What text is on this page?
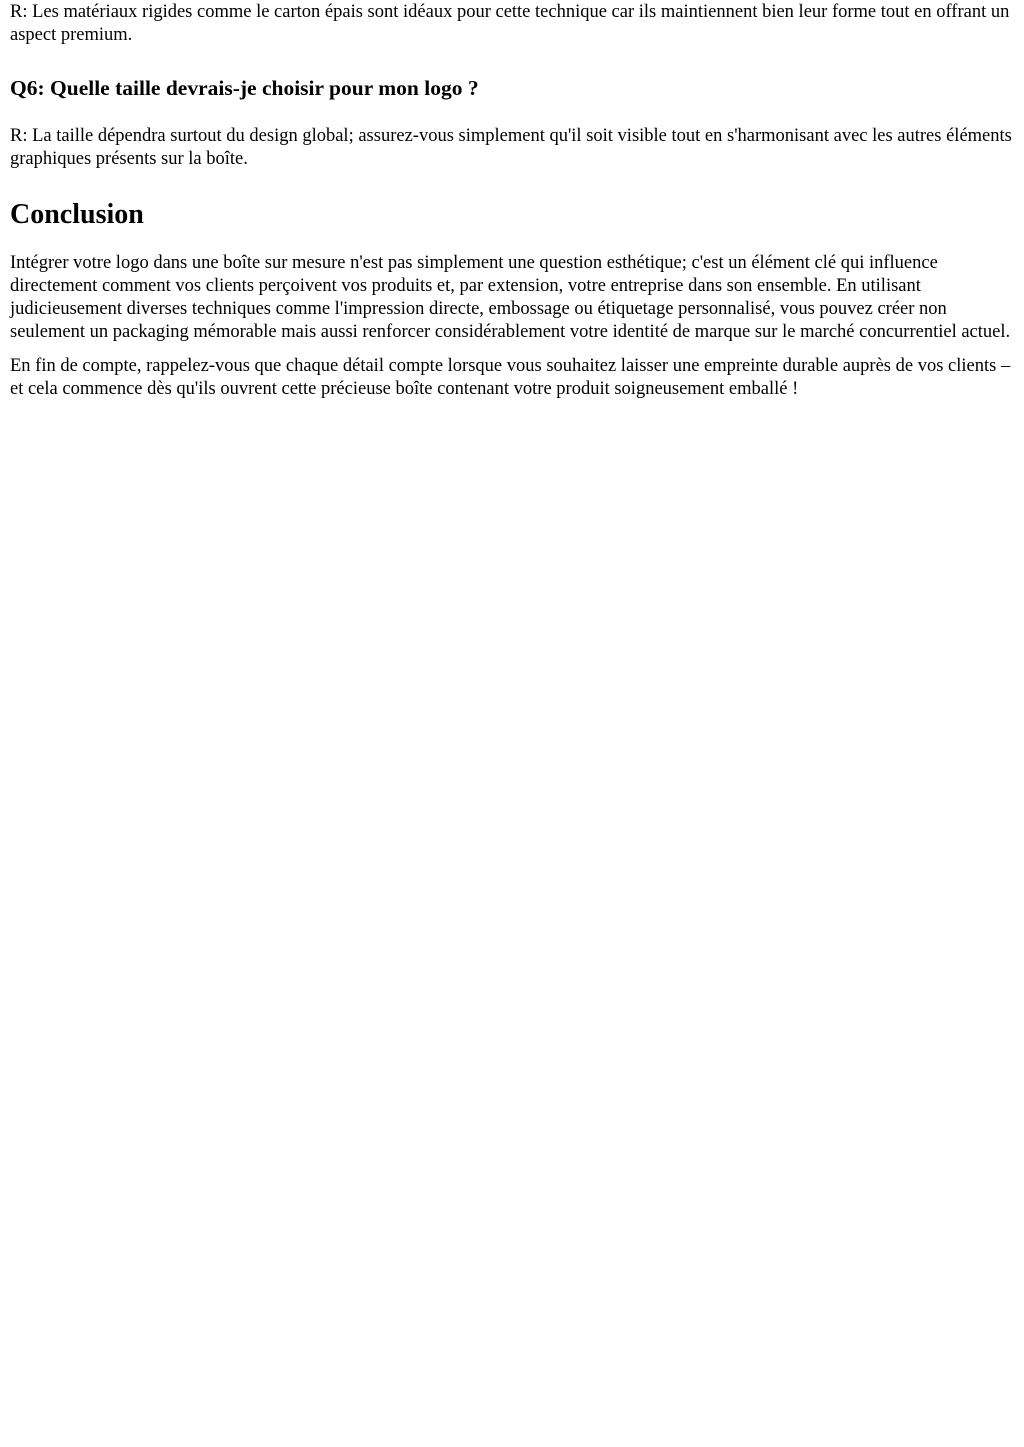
R: Les matériaux rigides comme le carton épais sont idéaux pour cette technique car ils maintiennent bien leur forme tout en offrant un aspect premium.

Q6: Quelle taille devrais-je choisir pour mon logo ?

R: La taille dépendra surtout du design global; assurez-vous simplement qu'il soit visible tout en s'harmonisant avec les autres éléments graphiques présents sur la boîte.

Conclusion

Intégrer votre logo dans une boîte sur mesure n'est pas simplement une question esthétique; c'est un élément clé qui influence directement comment vos clients perçoivent vos produits et, par extension, votre entreprise dans son ensemble. En utilisant judicieusement diverses techniques comme l'impression directe, embossage ou étiquetage personnalisé, vous pouvez créer non seulement un packaging mémorable mais aussi renforcer considérablement votre identité de marque sur le marché concurrentiel actuel.

En fin de compte, rappelez-vous que chaque détail compte lorsque vous souhaitez laisser une empreinte durable auprès de vos clients – et cela commence dès qu'ils ouvrent cette précieuse boîte contenant votre produit soigneusement emballé !
